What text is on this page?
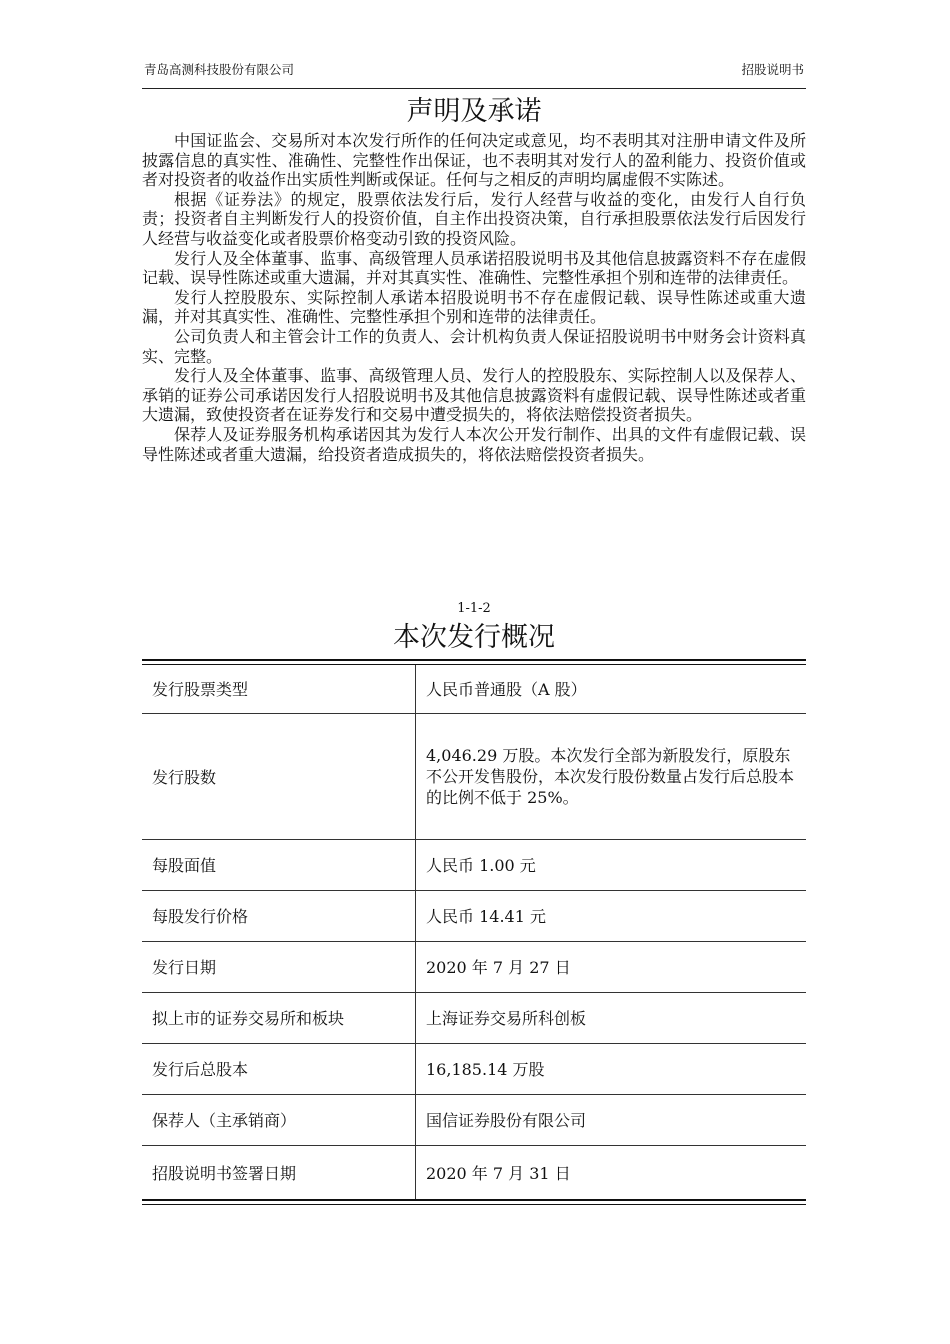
青岛高测科技股份有限公司	招股说明书
声明及承诺

中国证监会、交易所对本次发行所作的任何决定或意见，均不表明其对注册申请文件及所披露信息的真实性、准确性、完整性作出保证，也不表明其对发行人的盈利能力、投资价值或者对投资者的收益作出实质性判断或保证。任何与之相反的声明均属虚假不实陈述。

根据《证券法》的规定，股票依法发行后，发行人经营与收益的变化，由发行人自行负责；投资者自主判断发行人的投资价值，自主作出投资决策，自行承担股票依法发行后因发行人经营与收益变化或者股票价格变动引致的投资风险。

发行人及全体董事、监事、高级管理人员承诺招股说明书及其他信息披露资料不存在虚假记载、误导性陈述或重大遗漏，并对其真实性、准确性、完整性承担个别和连带的法律责任。

发行人控股股东、实际控制人承诺本招股说明书不存在虚假记载、误导性陈述或重大遗漏，并对其真实性、准确性、完整性承担个别和连带的法律责任。

公司负责人和主管会计工作的负责人、会计机构负责人保证招股说明书中财务会计资料真实、完整。

发行人及全体董事、监事、高级管理人员、发行人的控股股东、实际控制人以及保荐人、承销的证券公司承诺因发行人招股说明书及其他信息披露资料有虚假记载、误导性陈述或者重大遗漏，致使投资者在证券发行和交易中遭受损失的，将依法赔偿投资者损失。

保荐人及证券服务机构承诺因其为发行人本次公开发行制作、出具的文件有虚假记载、误导性陈述或者重大遗漏，给投资者造成损失的，将依法赔偿投资者损失。

1-1-2
本次发行概况
发行股票类型	人民币普通股（A 股）
发行股数	4,046.29 万股。本次发行全部为新股发行，原股东不公开发售股份，本次发行股份数量占发行后总股本的比例不低于 25%。
每股面值	人民币 1.00 元
每股发行价格	人民币 14.41 元
发行日期	2020 年 7 月 27 日
拟上市的证券交易所和板块	上海证券交易所科创板
发行后总股本	16,185.14 万股
保荐人（主承销商）	国信证券股份有限公司
招股说明书签署日期	2020 年 7 月 31 日
